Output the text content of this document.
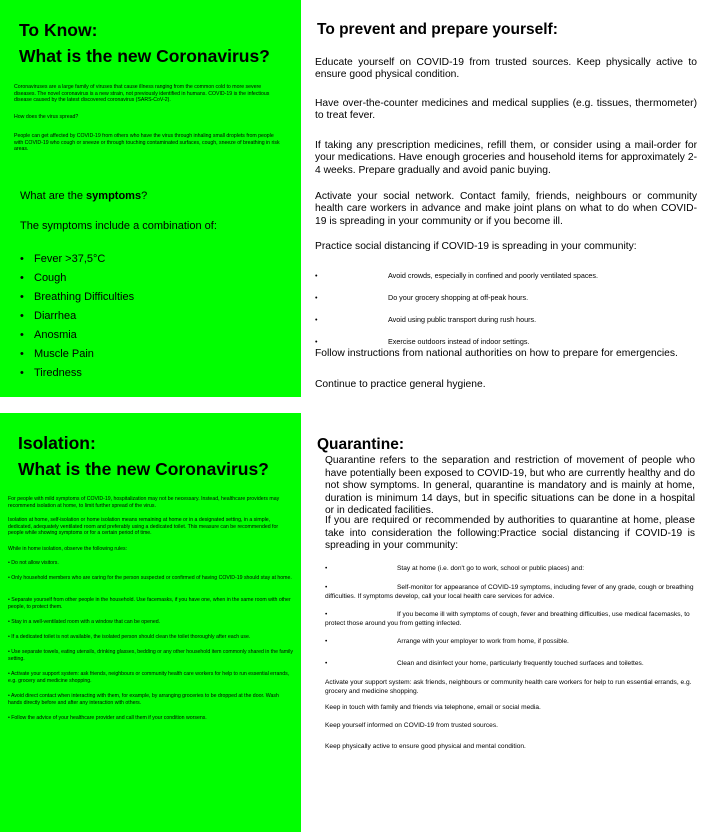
To Know:
What is the new Coronavirus?

Coronaviruses are a large family of viruses that cause illness ranging from the common cold to more severe diseases. The novel coronavirus is a new strain, not previously identified in humans. COVID-19 is the infectious disease caused by the latest discovered coronavirus (SARS-CoV-2).

How does the virus spread?

People can get affected by COVID-19 from others who have the virus through inhaling small droplets from people with COVID-19 who cough or sneeze or through touching contaminated surfaces, cough, sneeze of breathing in risk areas.

What are the symptoms?

The symptoms include a combination of:

• Fever >37,5°C
• Cough
• Breathing Difficulties
• Diarrhea
• Anosmia
• Muscle Pain
• Tiredness
To prevent and prepare yourself:

Educate yourself on COVID-19 from trusted sources. Keep physically active to ensure good physical condition.

Have over-the-counter medicines and medical supplies (e.g. tissues, thermometer) to treat fever.

If taking any prescription medicines, refill them, or consider using a mail-order for your medications. Have enough groceries and household items for approximately 2-4 weeks. Prepare gradually and avoid panic buying.

Activate your social network. Contact family, friends, neighbours or community health care workers in advance and make joint plans on what to do when COVID-19 is spreading in your community or if you become ill.

Practice social distancing if COVID-19 is spreading in your community:

•	Avoid crowds, especially in confined and poorly ventilated spaces.
•	Do your grocery shopping at off-peak hours.
•	Avoid using public transport during rush hours.
•	Exercise outdoors instead of indoor settings.

Follow instructions from national authorities on how to prepare for emergencies.

Continue to practice general hygiene.

Isolation:
What is the new Coronavirus?

For people with mild symptoms of COVID-19, hospitalization may not be necessary. Instead, healthcare providers may recommend isolation at home, to limit further spread of the virus.

Isolation at home, self-isolation or home isolation means remaining at home or in a designated setting, in a simple, dedicated, adequately ventilated room and preferably using a dedicated toilet. This measure can be recommended for people while showing symptoms or for a certain period of time.

While in home isolation, observe the following rules:

• Do not allow visitors.

• Only household members who are caring for the person suspected or confirmed of having COVID-19 should stay at home.

• Separate yourself from other people in the household. Use facemasks, if you have one, when in the same room with other people, to protect them.

• Stay in a well-ventilated room with a window that can be opened.

• If a dedicated toilet is not available, the isolated person should clean the toilet thoroughly after each use.

• Use separate towels, eating utensils, drinking glasses, bedding or any other household item commonly shared in the family setting.

• Activate your support system: ask friends, neighbours or community health care workers for help to run essential errands, e.g. grocery and medicine shopping.

• Avoid direct contact when interacting with them, for example, by arranging groceries to be dropped at the door. Wash hands directly before and after any interaction with others.

• Follow the advice of your healthcare provider and call them if your condition worsens.

Quarantine:

Quarantine refers to the separation and restriction of movement of people who have potentially been exposed to COVID-19, but who are currently healthy and do not show symptoms. In general, quarantine is mandatory and is mainly at home, duration is minimum 14 days, but in specific situations can be done in a hospital or in dedicated facilities.

If you are required or recommended by authorities to quarantine at home, please take into consideration the following:Practice social distancing if COVID-19 is spreading in your community:

•	Stay at home (i.e. don't go to work, school or public places) and:
•	Self-monitor for appearance of COVID-19 symptoms, including fever of any grade, cough or breathing difficulties. If symptoms develop, call your local health care services for advice.
•	If you become ill with symptoms of cough, fever and breathing difficulties, use medical facemasks, to protect those around you from getting infected.
•	Arrange with your employer to work from home, if possible.
•	Clean and disinfect your home, particularly frequently touched surfaces and toilettes.

Activate your support system: ask friends, neighbours or community health care workers for help to run essential errands, e.g. grocery and medicine shopping.

Keep in touch with family and friends via telephone, email or social media.

Keep yourself informed on COVID-19 from trusted sources.

Keep physically active to ensure good physical and mental condition.
